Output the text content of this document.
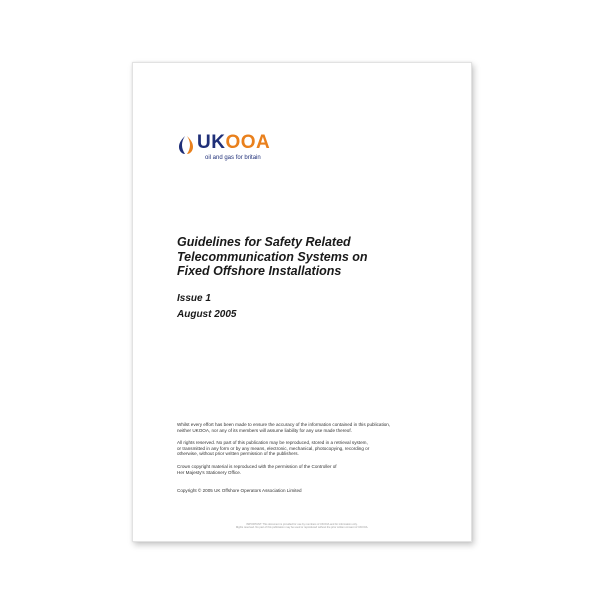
UKOOA
oil and gas for britain
Guidelines for Safety Related
Telecommunication Systems on
Fixed Offshore Installations
Issue 1
August 2005
Whilst every effort has been made to ensure the accuracy of the information contained in this publication,
neither UKOOA, nor any of its members will assume liability for any use made thereof.
All rights reserved. No part of this publication may be reproduced, stored in a retrieval system,
or transmitted in any form or by any means, electronic, mechanical, photocopying, recording or
otherwise, without prior written permission of the publishers.
Crown copyright material is reproduced with the permission of the Controller of
Her Majesty's Stationery Office.
Copyright © 2005 UK Offshore Operators Association Limited
IMPORTANT: This document is provided for use by members of UKOOA and for information only.
Rights reserved. No part of this publication may be used or reproduced without the prior written consent of UKOOA.
